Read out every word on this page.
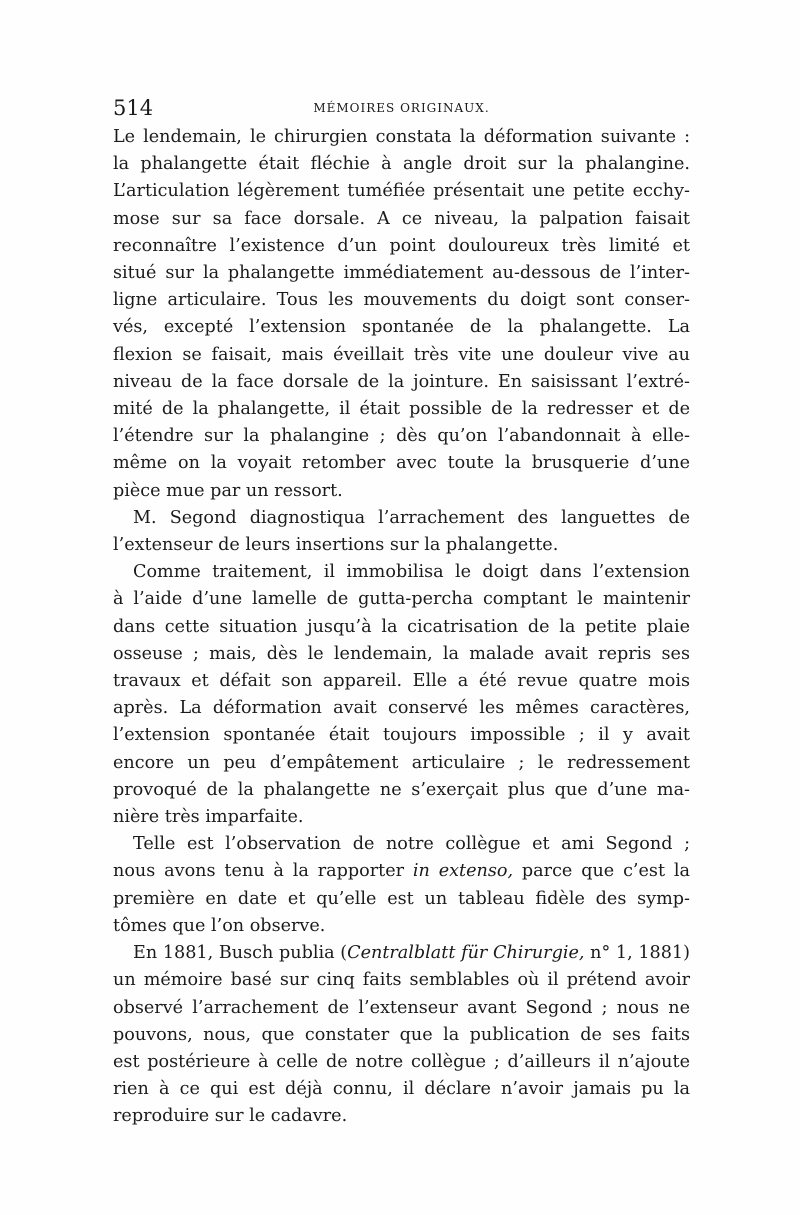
514	MÉMOIRES ORIGINAUX.

Le lendemain, le chirurgien constata la déformation suivante :

la phalangette était fléchie à angle droit sur la phalangine.

L’articulation légèrement tuméfiée présentait une petite ecchy-

mose sur sa face dorsale. A ce niveau, la palpation faisait

reconnaître l’existence d’un point douloureux très limité et

situé sur la phalangette immédiatement au-dessous de l’inter-

ligne articulaire. Tous les mouvements du doigt sont conser-

vés, excepté l’extension spontanée de la phalangette. La

flexion se faisait, mais éveillait très vite une douleur vive au

niveau de la face dorsale de la jointure. En saisissant l’extré-

mité de la phalangette, il était possible de la redresser et de

l’étendre sur la phalangine ; dès qu’on l’abandonnait à elle-

même on la voyait retomber avec toute la brusquerie d’une

pièce mue par un ressort.

M. Segond diagnostiqua l’arrachement des languettes de

l’extenseur de leurs insertions sur la phalangette.

Comme traitement, il immobilisa le doigt dans l’extension

à l’aide d’une lamelle de gutta-percha comptant le maintenir

dans cette situation jusqu’à la cicatrisation de la petite plaie

osseuse ; mais, dès le lendemain, la malade avait repris ses

travaux et défait son appareil. Elle a été revue quatre mois

après. La déformation avait conservé les mêmes caractères,

l’extension spontanée était toujours impossible ; il y avait

encore un peu d’empâtement articulaire ; le redressement

provoqué de la phalangette ne s’exerçait plus que d’une ma-

nière très imparfaite.

Telle est l’observation de notre collègue et ami Segond ;

nous avons tenu à la rapporter in extenso, parce que c’est la

première en date et qu’elle est un tableau fidèle des symp-

tômes que l’on observe.

En 1881, Busch publia (Centralblatt für Chirurgie, n° 1, 1881)

un mémoire basé sur cinq faits semblables où il prétend avoir

observé l’arrachement de l’extenseur avant Segond ; nous ne

pouvons, nous, que constater que la publication de ses faits

est postérieure à celle de notre collègue ; d’ailleurs il n’ajoute

rien à ce qui est déjà connu, il déclare n’avoir jamais pu la

reproduire sur le cadavre.
